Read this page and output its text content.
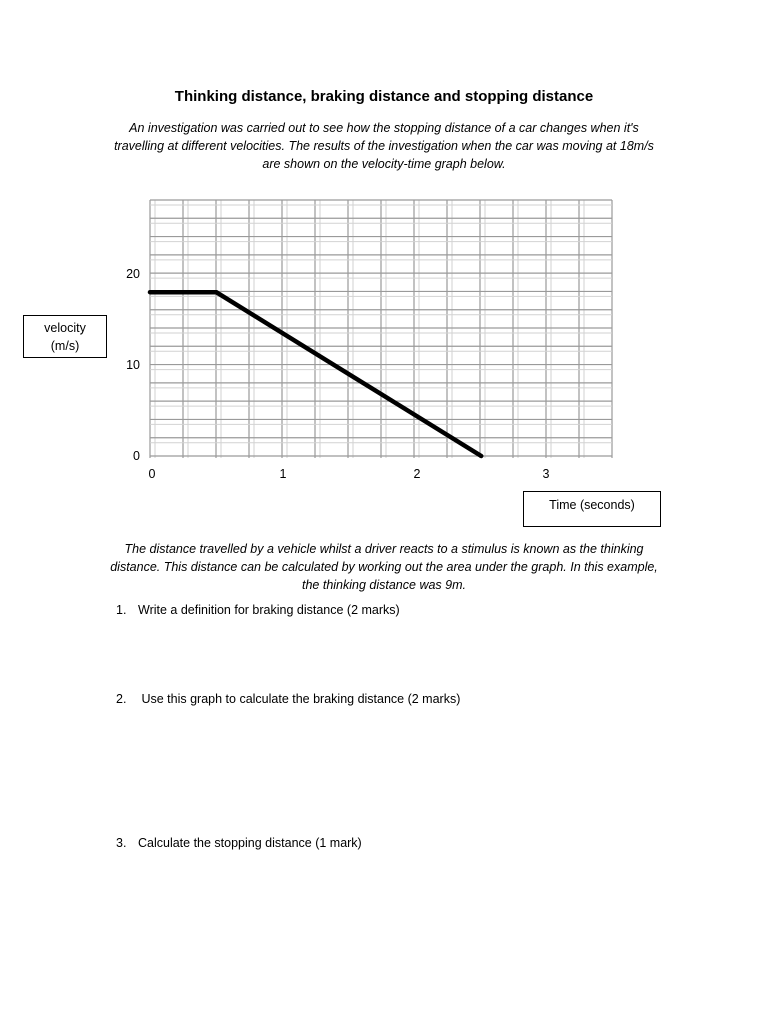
Thinking distance, braking distance and stopping distance
An investigation was carried out to see how the stopping distance of a car changes when it's
travelling at different velocities. The results of the investigation when the car was moving at 18m/s
are shown on the velocity-time graph below.
velocity
(m/s)
0
10
20
0	1	2	3
Time (seconds)
The distance travelled by a vehicle whilst a driver reacts to a stimulus is known as the thinking
distance. This distance can be calculated by working out the area under the graph. In this example,
the thinking distance was 9m.
1. Write a definition for braking distance (2 marks)
2. Use this graph to calculate the braking distance (2 marks)
3. Calculate the stopping distance (1 mark)
